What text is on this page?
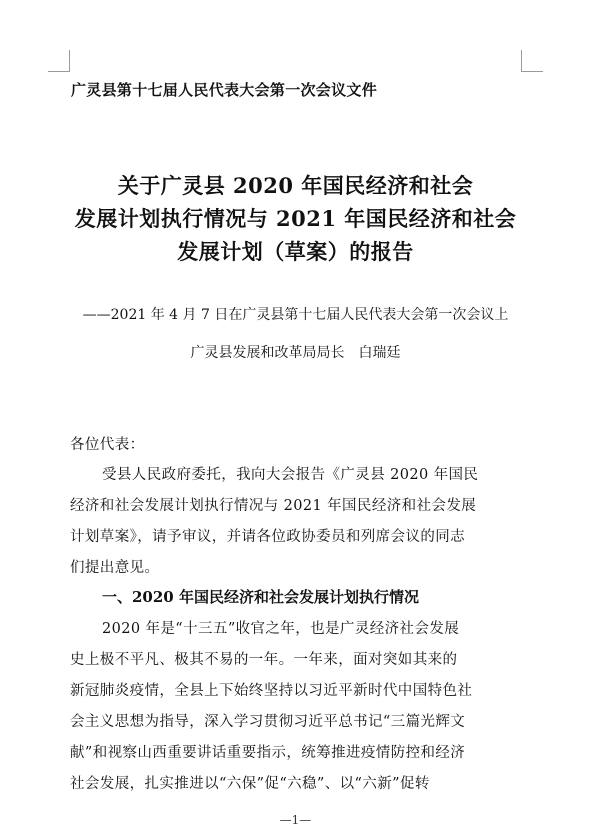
广灵县第十七届人民代表大会第一次会议文件
关于广灵县 2020 年国民经济和社会
发展计划执行情况与 2021 年国民经济和社会
发展计划（草案）的报告
——2021 年 4 月 7 日在广灵县第十七届人民代表大会第一次会议上
广灵县发展和改革局局长　白瑞廷
各位代表：
受县人民政府委托，我向大会报告《广灵县 2020 年国民
经济和社会发展计划执行情况与 2021 年国民经济和社会发展
计划草案》，请予审议，并请各位政协委员和列席会议的同志
们提出意见。
一、2020 年国民经济和社会发展计划执行情况
2020 年是“十三五”收官之年，也是广灵经济社会发展
史上极不平凡、极其不易的一年。一年来，面对突如其来的
新冠肺炎疫情，全县上下始终坚持以习近平新时代中国特色社
会主义思想为指导，深入学习贯彻习近平总书记“三篇光辉文
献”和视察山西重要讲话重要指示，统筹推进疫情防控和经济
社会发展，扎实推进以“六保”促“六稳”、以“六新”促转
—1—
